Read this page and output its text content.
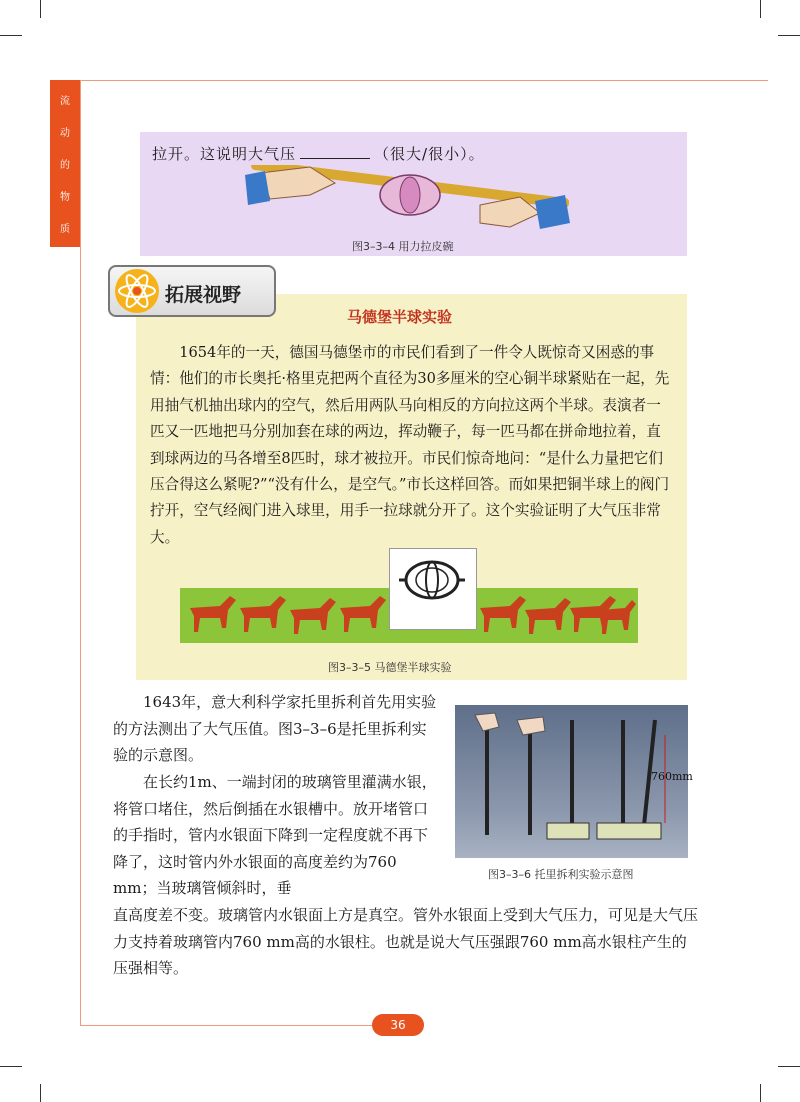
流
动
的
物
质
拉开。这说明大气压	（很大/很小）。
图3–3–4 用力拉皮碗
拓展视野
马德堡半球实验
1654年的一天，德国马德堡市的市民们看到了一件令人既惊奇又困惑的事情：他们的市长奥托·格里克把两个直径为30多厘米的空心铜半球紧贴在一起，先用抽气机抽出球内的空气，然后用两队马向相反的方向拉这两个半球。表演者一匹又一匹地把马分别加套在球的两边，挥动鞭子，每一匹马都在拼命地拉着，直到球两边的马各增至8匹时，球才被拉开。市民们惊奇地问：“是什么力量把它们压合得这么紧呢?”“没有什么，是空气。”市长这样回答。而如果把铜半球上的阀门拧开，空气经阀门进入球里，用手一拉球就分开了。这个实验证明了大气压非常大。
图3–3–5 马德堡半球实验
1643年，意大利科学家托里拆利首先用实验的方法测出了大气压值。图3–3–6是托里拆利实验的示意图。
在长约1m、一端封闭的玻璃管里灌满水银，将管口堵住，然后倒插在水银槽中。放开堵管口的手指时，管内水银面下降到一定程度就不再下降了，这时管内外水银面的高度差约为760 mm；当玻璃管倾斜时，垂
直高度差不变。玻璃管内水银面上方是真空。管外水银面上受到大气压力，可见是大气压力支持着玻璃管内760 mm高的水银柱。也就是说大气压强跟760 mm高水银柱产生的压强相等。
760mm
图3–3–6 托里拆利实验示意图
36
